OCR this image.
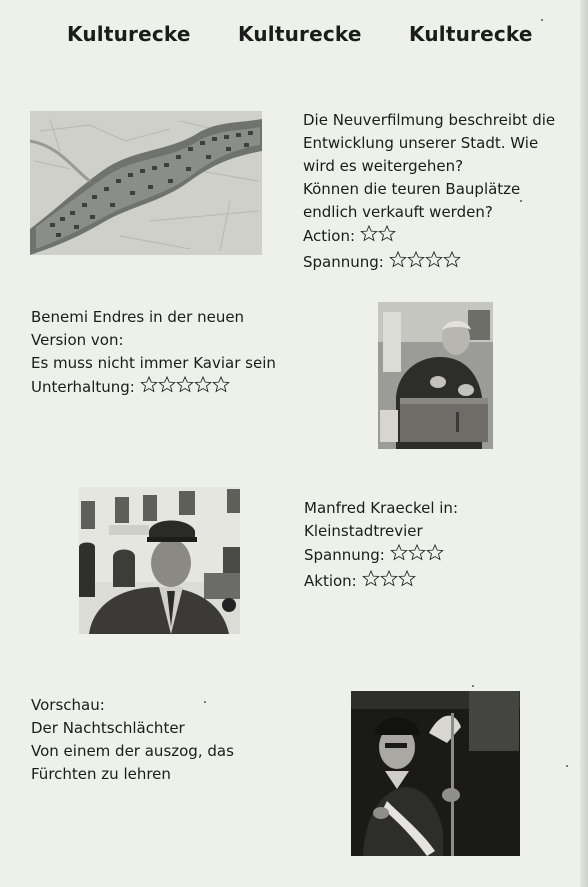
Kulturecke Kulturecke Kulturecke
Die Neuverfilmung beschreibt die
Entwicklung unserer Stadt. Wie
wird es weitergehen?
Können die teuren Bauplätze
endlich verkauft werden?
Action:
Spannung:
Benemi Endres in der neuen
Version von:
Es muss nicht immer Kaviar sein
Unterhaltung:
Manfred Kraeckel in:
Kleinstadtrevier
Spannung:
Aktion:
Vorschau:
Der Nachtschlächter
Von einem der auszog, das
Fürchten zu lehren
